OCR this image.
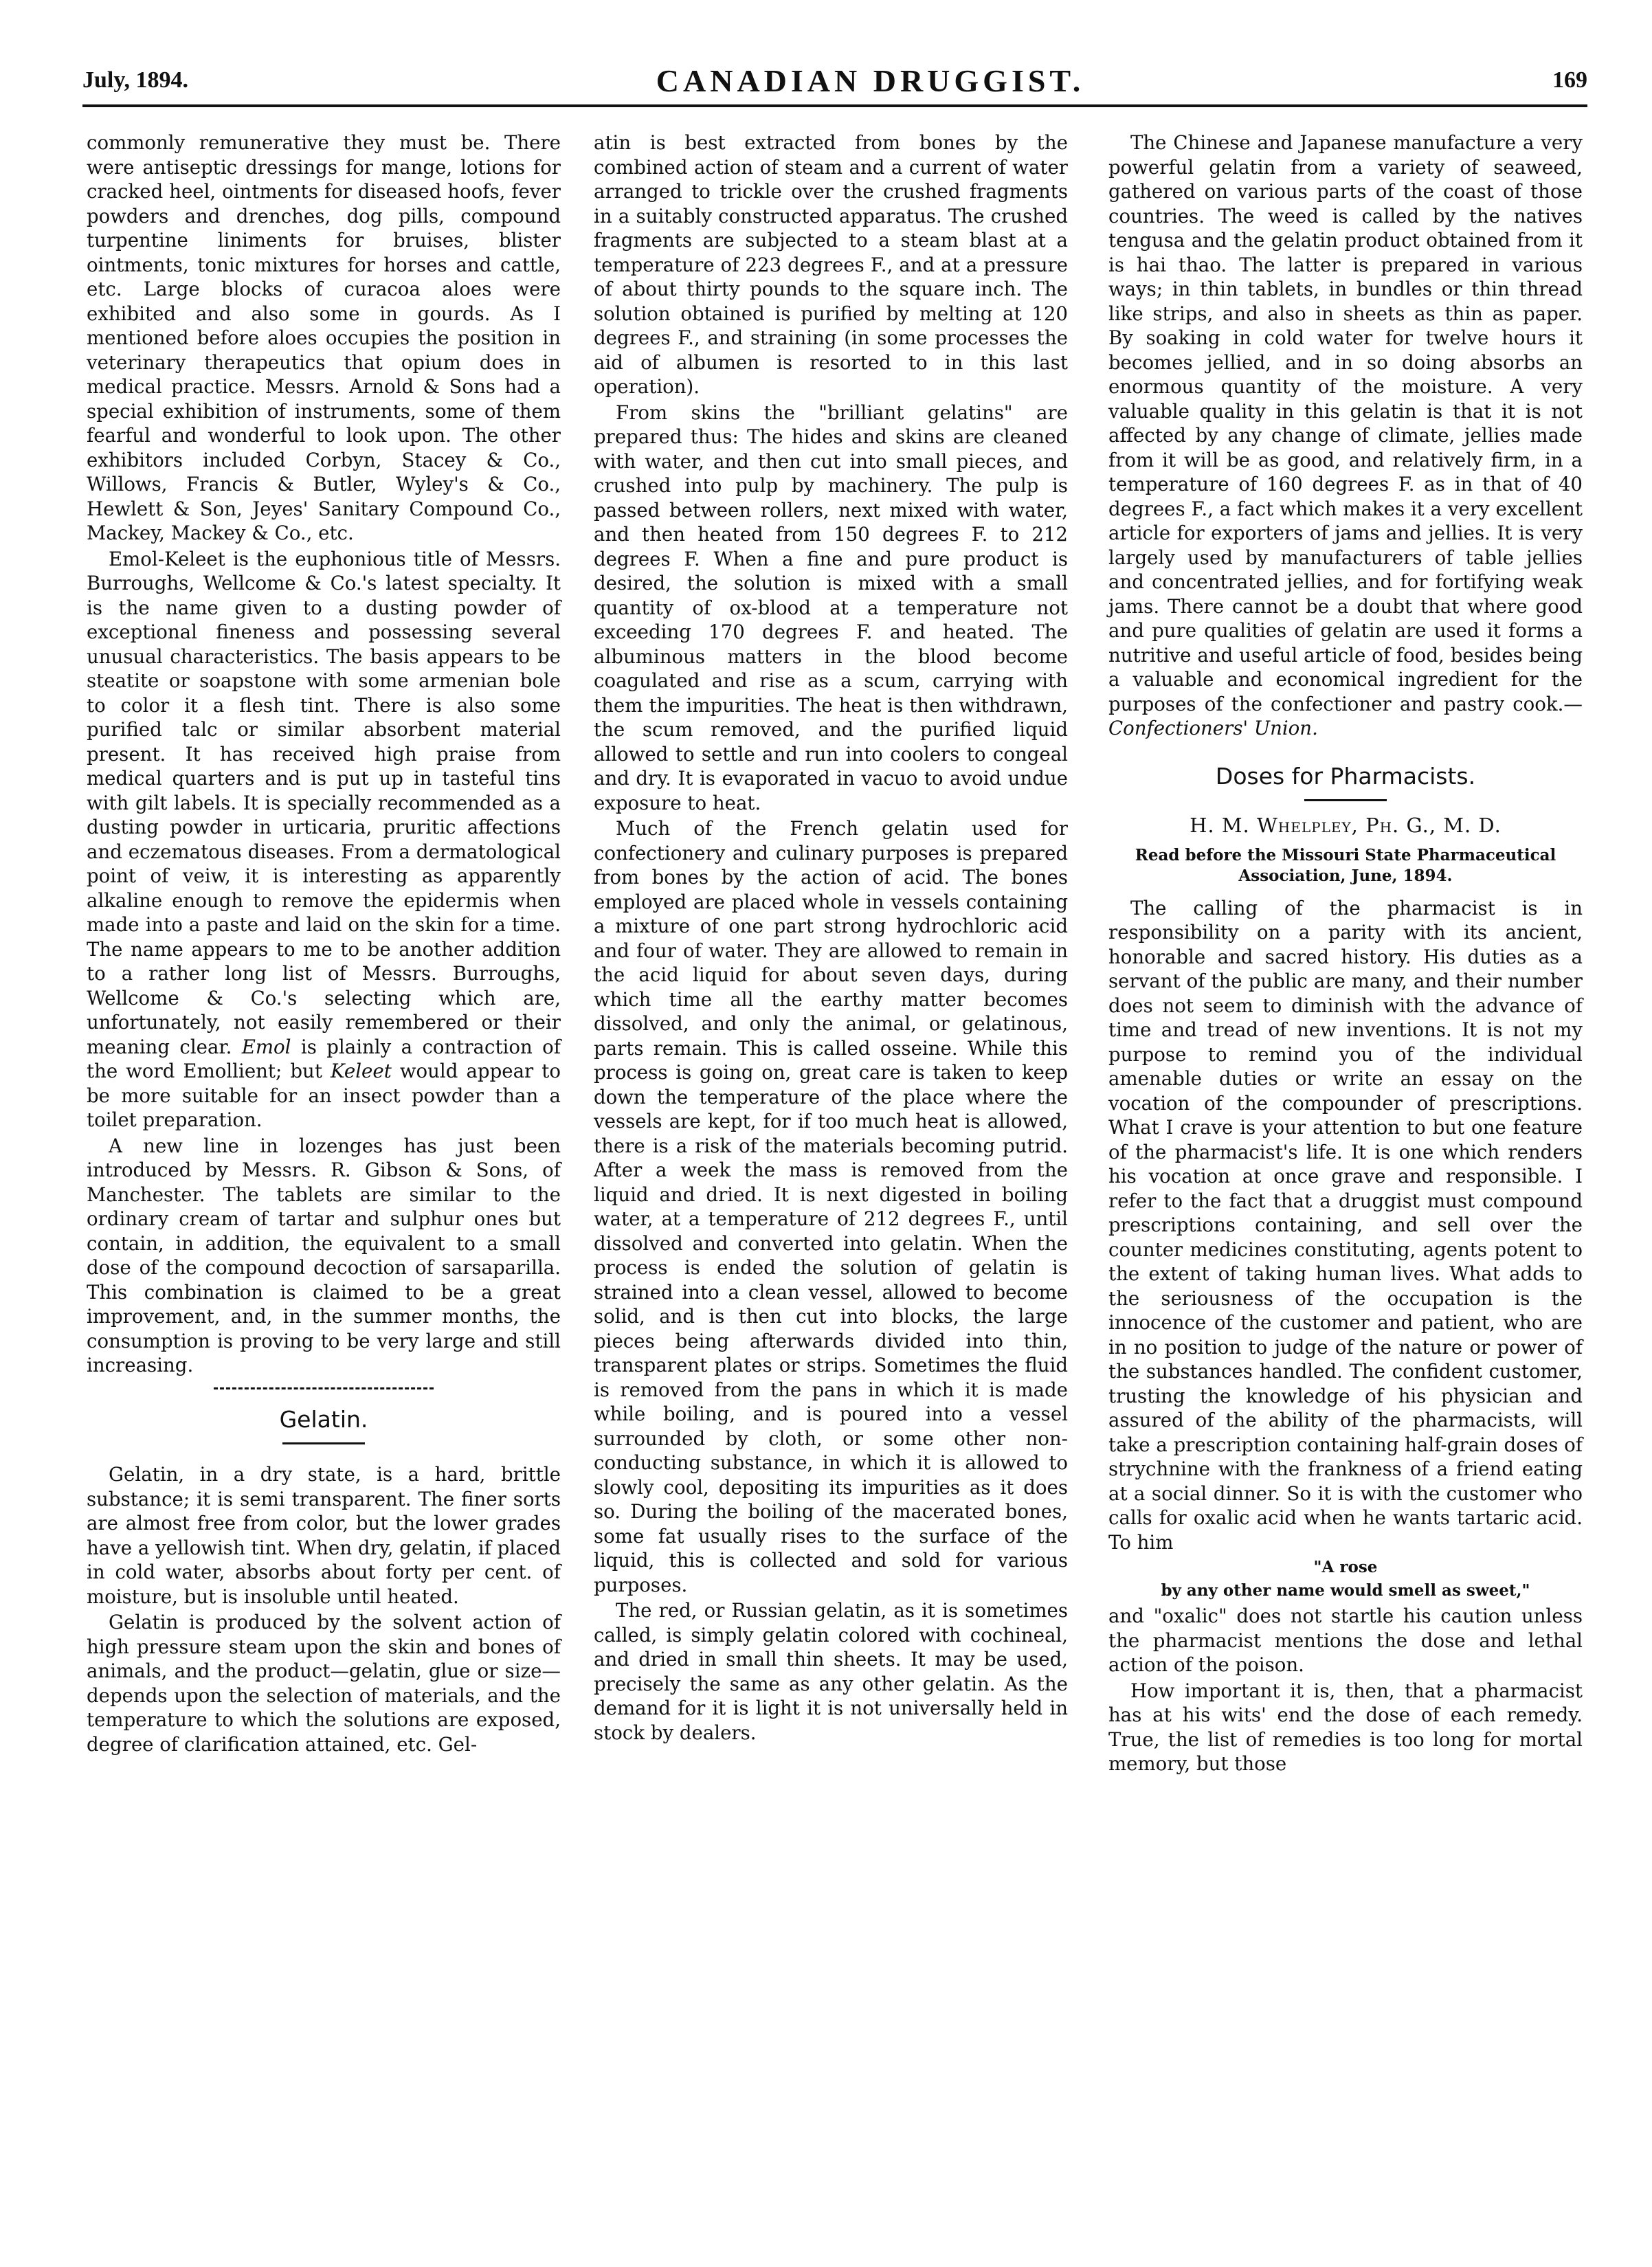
July, 1894.	CANADIAN DRUGGIST.	169

commonly remunerative they must be. There were antiseptic dressings for mange, lotions for cracked heel, ointments for diseased hoofs, fever powders and drenches, dog pills, compound turpentine liniments for bruises, blister ointments, tonic mixtures for horses and cattle, etc. Large blocks of curacoa aloes were exhibited and also some in gourds. As I mentioned before aloes occupies the position in veterinary therapeutics that opium does in medical practice. Messrs. Arnold & Sons had a special exhibition of instruments, some of them fearful and wonderful to look upon. The other exhibitors included Corbyn, Stacey & Co., Willows, Francis & Butler, Wyley's & Co., Hewlett & Son, Jeyes' Sanitary Compound Co., Mackey, Mackey & Co., etc.

Emol-Keleet is the euphonious title of Messrs. Burroughs, Wellcome & Co.'s latest specialty. It is the name given to a dusting powder of exceptional fineness and possessing several unusual characteristics. The basis appears to be steatite or soapstone with some armenian bole to color it a flesh tint. There is also some purified talc or similar absorbent material present. It has received high praise from medical quarters and is put up in tasteful tins with gilt labels. It is specially recommended as a dusting powder in urticaria, pruritic affections and eczematous diseases. From a dermatological point of veiw, it is interesting as apparently alkaline enough to remove the epidermis when made into a paste and laid on the skin for a time. The name appears to me to be another addition to a rather long list of Messrs. Burroughs, Wellcome & Co.'s selecting which are, unfortunately, not easily remembered or their meaning clear. Emol is plainly a contraction of the word Emollient; but Keleet would appear to be more suitable for an insect powder than a toilet preparation.

A new line in lozenges has just been introduced by Messrs. R. Gibson & Sons, of Manchester. The tablets are similar to the ordinary cream of tartar and sulphur ones but contain, in addition, the equivalent to a small dose of the compound decoction of sarsaparilla. This combination is claimed to be a great improvement, and, in the summer months, the consumption is proving to be very large and still increasing.

Gelatin.

Gelatin, in a dry state, is a hard, brittle substance; it is semi transparent. The finer sorts are almost free from color, but the lower grades have a yellowish tint. When dry, gelatin, if placed in cold water, absorbs about forty per cent. of moisture, but is insoluble until heated.

Gelatin is produced by the solvent action of high pressure steam upon the skin and bones of animals, and the product—gelatin, glue or size—depends upon the selection of materials, and the temperature to which the solutions are exposed, degree of clarification attained, etc. Gel-

atin is best extracted from bones by the combined action of steam and a current of water arranged to trickle over the crushed fragments in a suitably constructed apparatus. The crushed fragments are subjected to a steam blast at a temperature of 223 degrees F., and at a pressure of about thirty pounds to the square inch. The solution obtained is purified by melting at 120 degrees F., and straining (in some processes the aid of albumen is resorted to in this last operation).

From skins the "brilliant gelatins" are prepared thus: The hides and skins are cleaned with water, and then cut into small pieces, and crushed into pulp by machinery. The pulp is passed between rollers, next mixed with water, and then heated from 150 degrees F. to 212 degrees F. When a fine and pure product is desired, the solution is mixed with a small quantity of ox-blood at a temperature not exceeding 170 degrees F. and heated. The albuminous matters in the blood become coagulated and rise as a scum, carrying with them the impurities. The heat is then withdrawn, the scum removed, and the purified liquid allowed to settle and run into coolers to congeal and dry. It is evaporated in vacuo to avoid undue exposure to heat.

Much of the French gelatin used for confectionery and culinary purposes is prepared from bones by the action of acid. The bones employed are placed whole in vessels containing a mixture of one part strong hydrochloric acid and four of water. They are allowed to remain in the acid liquid for about seven days, during which time all the earthy matter becomes dissolved, and only the animal, or gelatinous, parts remain. This is called osseine. While this process is going on, great care is taken to keep down the temperature of the place where the vessels are kept, for if too much heat is allowed, there is a risk of the materials becoming putrid. After a week the mass is removed from the liquid and dried. It is next digested in boiling water, at a temperature of 212 degrees F., until dissolved and converted into gelatin. When the process is ended the solution of gelatin is strained into a clean vessel, allowed to become solid, and is then cut into blocks, the large pieces being afterwards divided into thin, transparent plates or strips. Sometimes the fluid is removed from the pans in which it is made while boiling, and is poured into a vessel surrounded by cloth, or some other non-conducting substance, in which it is allowed to slowly cool, depositing its impurities as it does so. During the boiling of the macerated bones, some fat usually rises to the surface of the liquid, this is collected and sold for various purposes.

The red, or Russian gelatin, as it is sometimes called, is simply gelatin colored with cochineal, and dried in small thin sheets. It may be used, precisely the same as any other gelatin. As the demand for it is light it is not universally held in stock by dealers.

The Chinese and Japanese manufacture a very powerful gelatin from a variety of seaweed, gathered on various parts of the coast of those countries. The weed is called by the natives tengusa and the gelatin product obtained from it is hai thao. The latter is prepared in various ways; in thin tablets, in bundles or thin thread like strips, and also in sheets as thin as paper. By soaking in cold water for twelve hours it becomes jellied, and in so doing absorbs an enormous quantity of the moisture. A very valuable quality in this gelatin is that it is not affected by any change of climate, jellies made from it will be as good, and relatively firm, in a temperature of 160 degrees F. as in that of 40 degrees F., a fact which makes it a very excellent article for exporters of jams and jellies. It is very largely used by manufacturers of table jellies and concentrated jellies, and for fortifying weak jams. There cannot be a doubt that where good and pure qualities of gelatin are used it forms a nutritive and useful article of food, besides being a valuable and economical ingredient for the purposes of the confectioner and pastry cook.—Confectioners' Union.

Doses for Pharmacists.
H. M. Whelpley, Ph. G., M. D.
Read before the Missouri State Pharmaceutical Association, June, 1894.

The calling of the pharmacist is in responsibility on a parity with its ancient, honorable and sacred history. His duties as a servant of the public are many, and their number does not seem to diminish with the advance of time and tread of new inventions. It is not my purpose to remind you of the individual amenable duties or write an essay on the vocation of the compounder of prescriptions. What I crave is your attention to but one feature of the pharmacist's life. It is one which renders his vocation at once grave and responsible. I refer to the fact that a druggist must compound prescriptions containing, and sell over the counter medicines constituting, agents potent to the extent of taking human lives. What adds to the seriousness of the occupation is the innocence of the customer and patient, who are in no position to judge of the nature or power of the substances handled. The confident customer, trusting the knowledge of his physician and assured of the ability of the pharmacists, will take a prescription containing half-grain doses of strychnine with the frankness of a friend eating at a social dinner. So it is with the customer who calls for oxalic acid when he wants tartaric acid. To him

"A rose
by any other name would smell as sweet,"

and "oxalic" does not startle his caution unless the pharmacist mentions the dose and lethal action of the poison.

How important it is, then, that a pharmacist has at his wits' end the dose of each remedy. True, the list of remedies is too long for mortal memory, but those
